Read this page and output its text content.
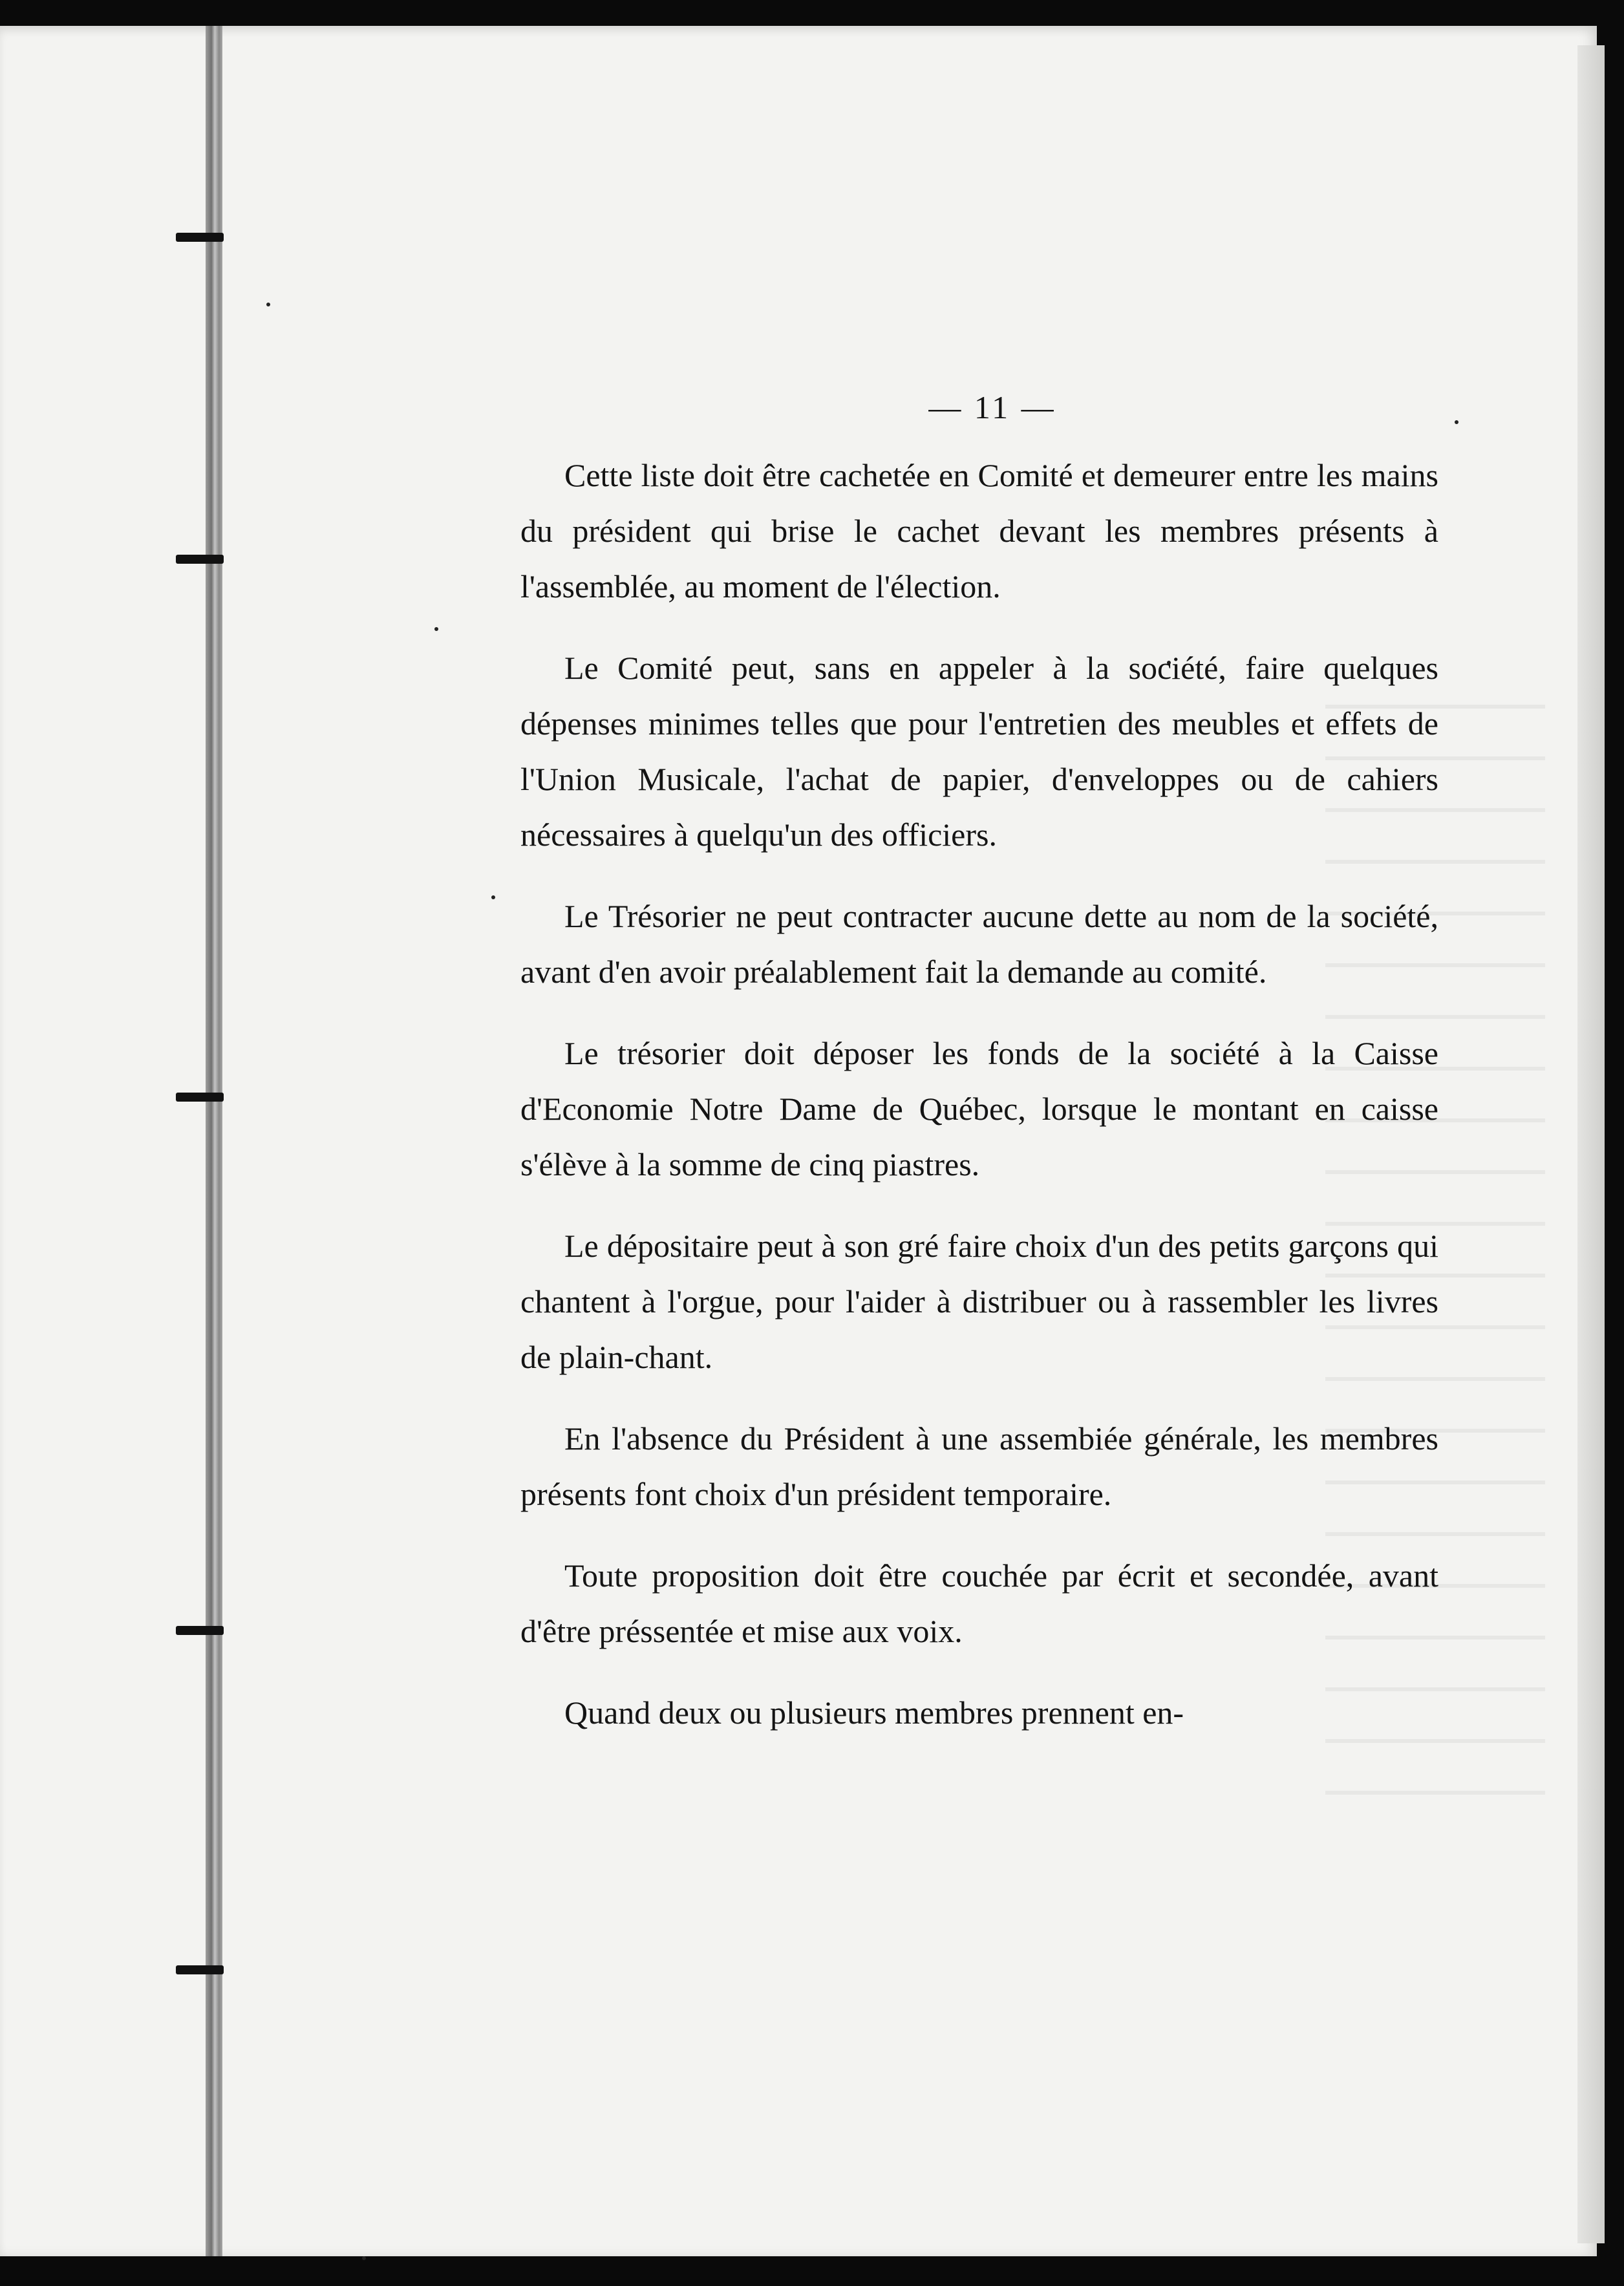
— 11 —

Cette liste doit être cachetée en Comité et demeurer entre les mains du président qui brise le cachet devant les membres présents à l'assemblée, au moment de l'élection.

Le Comité peut, sans en appeler à la société, faire quelques dépenses minimes telles que pour l'entretien des meubles et effets de l'Union Musicale, l'achat de papier, d'enveloppes ou de cahiers nécessaires à quelqu'un des officiers.

Le Trésorier ne peut contracter aucune dette au nom de la société, avant d'en avoir préalablement fait la demande au comité.

Le trésorier doit déposer les fonds de la société à la Caisse d'Economie Notre Dame de Québec, lorsque le montant en caisse s'élève à la somme de cinq piastres.

Le dépositaire peut à son gré faire choix d'un des petits garçons qui chantent à l'orgue, pour l'aider à distribuer ou à rassembler les livres de plain-chant.

En l'absence du Président à une assembiée générale, les membres présents font choix d'un président temporaire.

Toute proposition doit être couchée par écrit et secondée, avant d'être préssentée et mise aux voix.

Quand deux ou plusieurs membres prennent en-
